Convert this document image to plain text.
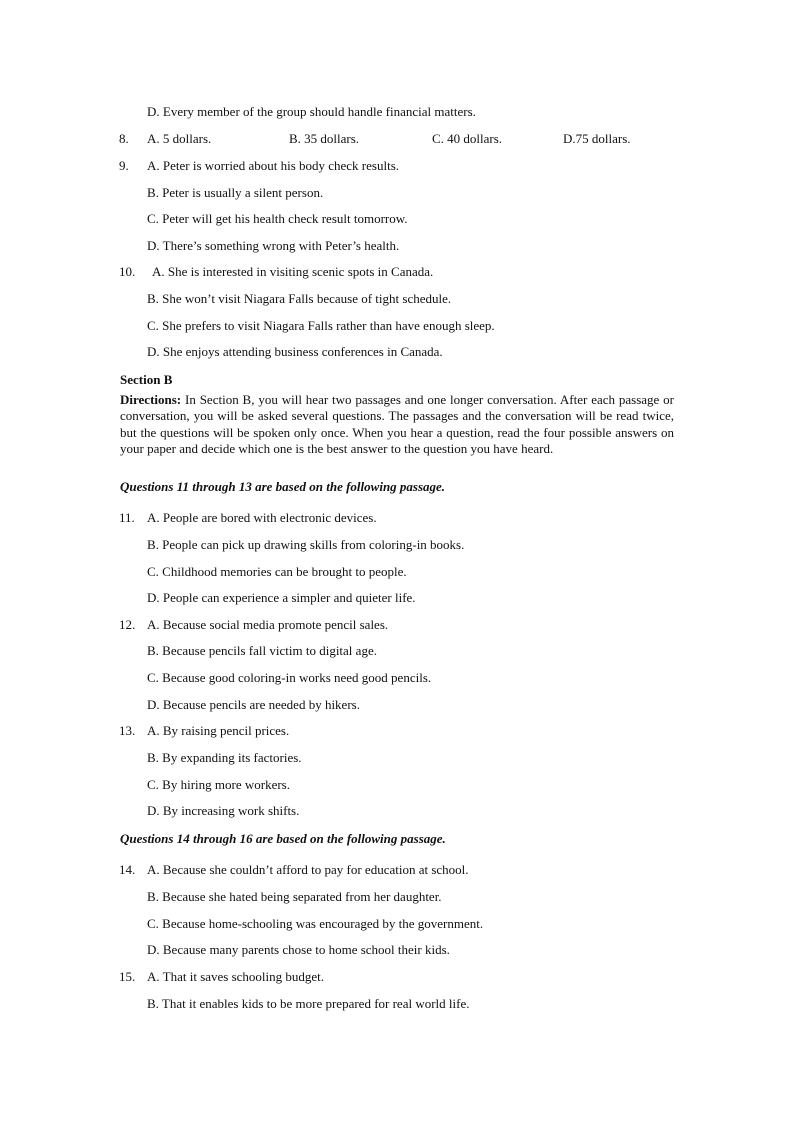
D. Every member of the group should handle financial matters.
8. A. 5 dollars.	B. 35 dollars.	C. 40 dollars.	D.75 dollars.
9. A. Peter is worried about his body check results.
B. Peter is usually a silent person.
C. Peter will get his health check result tomorrow.
D. There’s something wrong with Peter’s health.
10. A. She is interested in visiting scenic spots in Canada.
B. She won’t visit Niagara Falls because of tight schedule.
C. She prefers to visit Niagara Falls rather than have enough sleep.
D. She enjoys attending business conferences in Canada.
Section B
Directions: In Section B, you will hear two passages and one longer conversation. After each passage or conversation, you will be asked several questions. The passages and the conversation will be read twice, but the questions will be spoken only once. When you hear a question, read the four possible answers on your paper and decide which one is the best answer to the question you have heard.
Questions 11 through 13 are based on the following passage.
11. A. People are bored with electronic devices.
B. People can pick up drawing skills from coloring-in books.
C. Childhood memories can be brought to people.
D. People can experience a simpler and quieter life.
12. A. Because social media promote pencil sales.
B. Because pencils fall victim to digital age.
C. Because good coloring-in works need good pencils.
D. Because pencils are needed by hikers.
13. A. By raising pencil prices.
B. By expanding its factories.
C. By hiring more workers.
D. By increasing work shifts.
Questions 14 through 16 are based on the following passage.
14. A. Because she couldn’t afford to pay for education at school.
B. Because she hated being separated from her daughter.
C. Because home-schooling was encouraged by the government.
D. Because many parents chose to home school their kids.
15. A. That it saves schooling budget.
B. That it enables kids to be more prepared for real world life.
